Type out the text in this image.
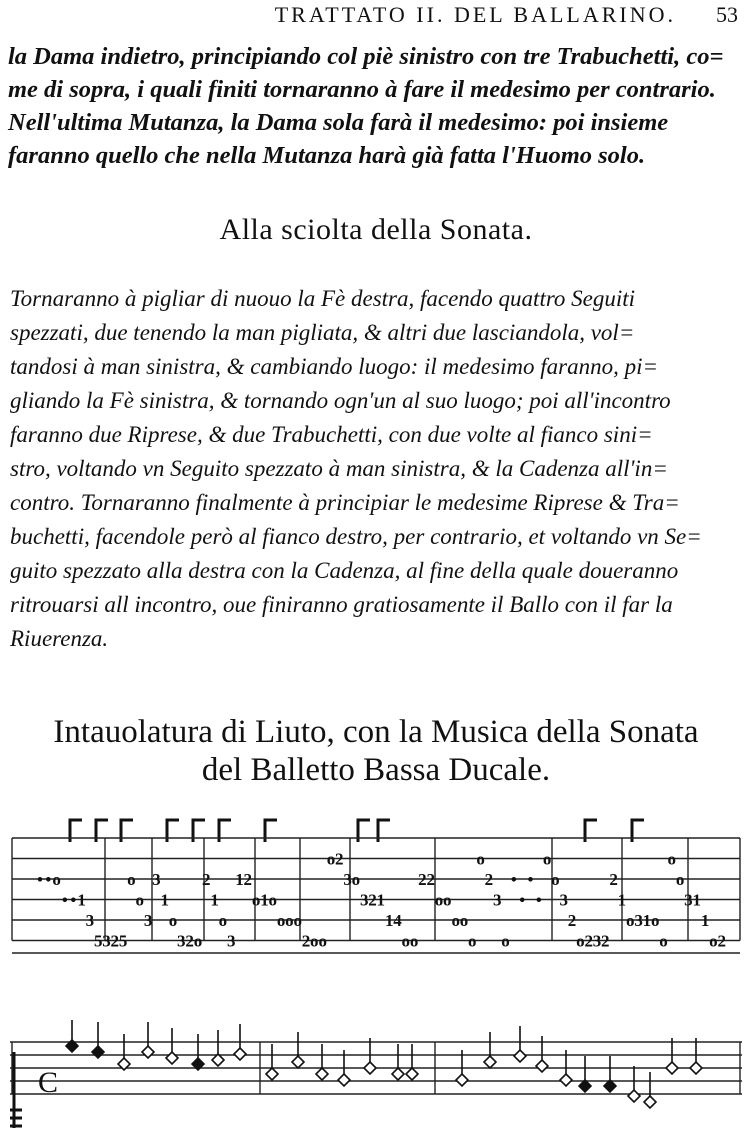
TRATTATO II. DEL BALLARINO. 53
la Dama indietro, principiando col piè sinistro con tre Trabuchetti, co=
me di sopra, i quali finiti tornaranno à fare il medesimo per contrario.
Nell'ultima Mutanza, la Dama sola farà il medesimo: poi insieme
faranno quello che nella Mutanza harà già fatta l'Huomo solo.
Alla sciolta della Sonata.
Tornaranno à pigliar di nuouo la Fè destra, facendo quattro Seguiti
spezzati, due tenendo la man pigliata, & altri due lasciandola, vol=
tandosi à man sinistra, & cambiando luogo: il medesimo faranno, pi=
gliando la Fè sinistra, & tornando ogn'un al suo luogo; poi all'incontro
faranno due Riprese, & due Trabuchetti, con due volte al fianco sini=
stro, voltando vn Seguito spezzato à man sinistra, & la Cadenza all'in=
contro. Tornaranno finalmente à principiar le medesime Riprese & Tra=
buchetti, facendole però al fianco destro, per contrario, et voltando vn Se=
guito spezzato alla destra con la Cadenza, al fine della quale doueranno
ritrouarsi all incontro, oue finiranno gratiosamente il Ballo con il far la
Riuerenza.
Intauolatura di Liuto, con la Musica della Sonata
del Balletto Bassa Ducale.
• • o
• • 1
3
5 3 2 5
o
o
3
3
1
o
3 2 o
2
1
o
3
1 2
o 1 o
o o o
2 o o
o 2
3 o
3 2 1
1 4
o o
2 2
o o
o o
o
o
2
3
o
•
•
•
•
o
o
3
2
o 2 3 2
2
1
o 3 1 o
o
o
o
3 1
1
o 2
C
